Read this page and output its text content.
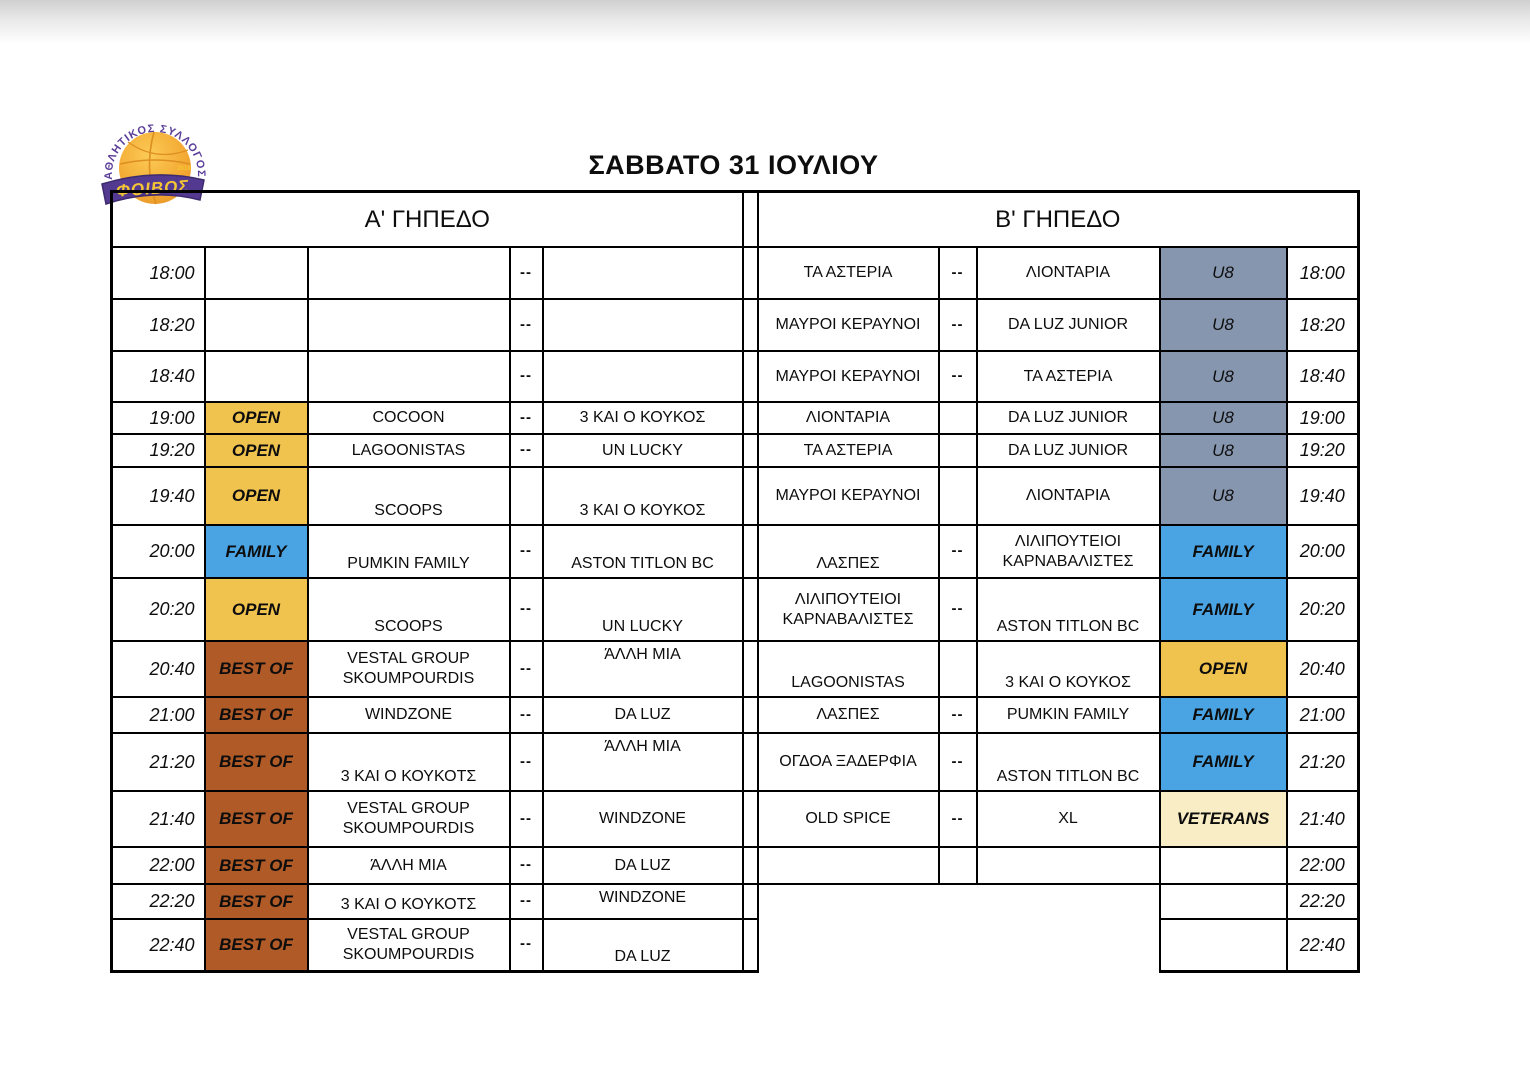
ΑΘΛΗΤΙΚΟΣ ΣΥΛΛΟΓΟΣ
2018
ΦΟΙΒΟΣ
ΣΑΒΒΑΤΟ 31 ΙΟΥΛΙΟΥ
Α' ΓΗΠΕΔΟ						Β' ΓΗΠΕΔΟ				
18:00			--			ΤΑ ΑΣΤΕΡΙΑ	--	ΛΙΟΝΤΑΡΙΑ	U8	18:00
18:20			--			ΜΑΥΡΟΙ ΚΕΡΑΥΝΟΙ	--	DA LUZ JUNIOR	U8	18:20
18:40			--			ΜΑΥΡΟΙ ΚΕΡΑΥΝΟΙ	--	ΤΑ ΑΣΤΕΡΙΑ	U8	18:40
19:00	OPEN	COCOON	--	3 ΚΑΙ Ο ΚΟΥΚΟΣ		ΛΙΟΝΤΑΡΙΑ		DA LUZ JUNIOR	U8	19:00
19:20	OPEN	LAGOONISTAS	--	UN LUCKY		ΤΑ ΑΣΤΕΡΙΑ		DA LUZ JUNIOR	U8	19:20
19:40	OPEN	SCOOPS		3 ΚΑΙ Ο ΚΟΥΚΟΣ		ΜΑΥΡΟΙ ΚΕΡΑΥΝΟΙ		ΛΙΟΝΤΑΡΙΑ	U8	19:40
20:00	FAMILY	PUMKIN FAMILY	--	ASTON TITLON BC		ΛΑΣΠΕΣ	--	ΛΙΛΙΠΟΥΤΕΙΟΙ ΚΑΡΝΑΒΑΛΙΣΤΕΣ	FAMILY	20:00
20:20	OPEN	SCOOPS	--	UN LUCKY		ΛΙΛΙΠΟΥΤΕΙΟΙ ΚΑΡΝΑΒΑΛΙΣΤΕΣ	--	ASTON TITLON BC	FAMILY	20:20
20:40	BEST OF	VESTAL GROUP SKOUMPOURDIS	--	ΆΛΛΗ ΜΙΑ		LAGOONISTAS		3 ΚΑΙ Ο ΚΟΥΚΟΣ	OPEN	20:40
21:00	BEST OF	WINDZONE	--	DA LUZ		ΛΑΣΠΕΣ	--	PUMKIN FAMILY	FAMILY	21:00
21:20	BEST OF	3 ΚΑΙ Ο ΚΟΥΚΟΤΣ	--	ΆΛΛΗ ΜΙΑ		ΟΓΔΟΑ ΞΑΔΕΡΦΙΑ	--	ASTON TITLON BC	FAMILY	21:20
21:40	BEST OF	VESTAL GROUP SKOUMPOURDIS	--	WINDZONE		OLD SPICE	--	XL	VETERANS	21:40
22:00	BEST OF	ΆΛΛΗ ΜΙΑ	--	DA LUZ						22:00
22:20	BEST OF	3 ΚΑΙ Ο ΚΟΥΚΟΤΣ	--	WINDZONE						22:20
22:40	BEST OF	VESTAL GROUP SKOUMPOURDIS	--	DA LUZ						22:40
